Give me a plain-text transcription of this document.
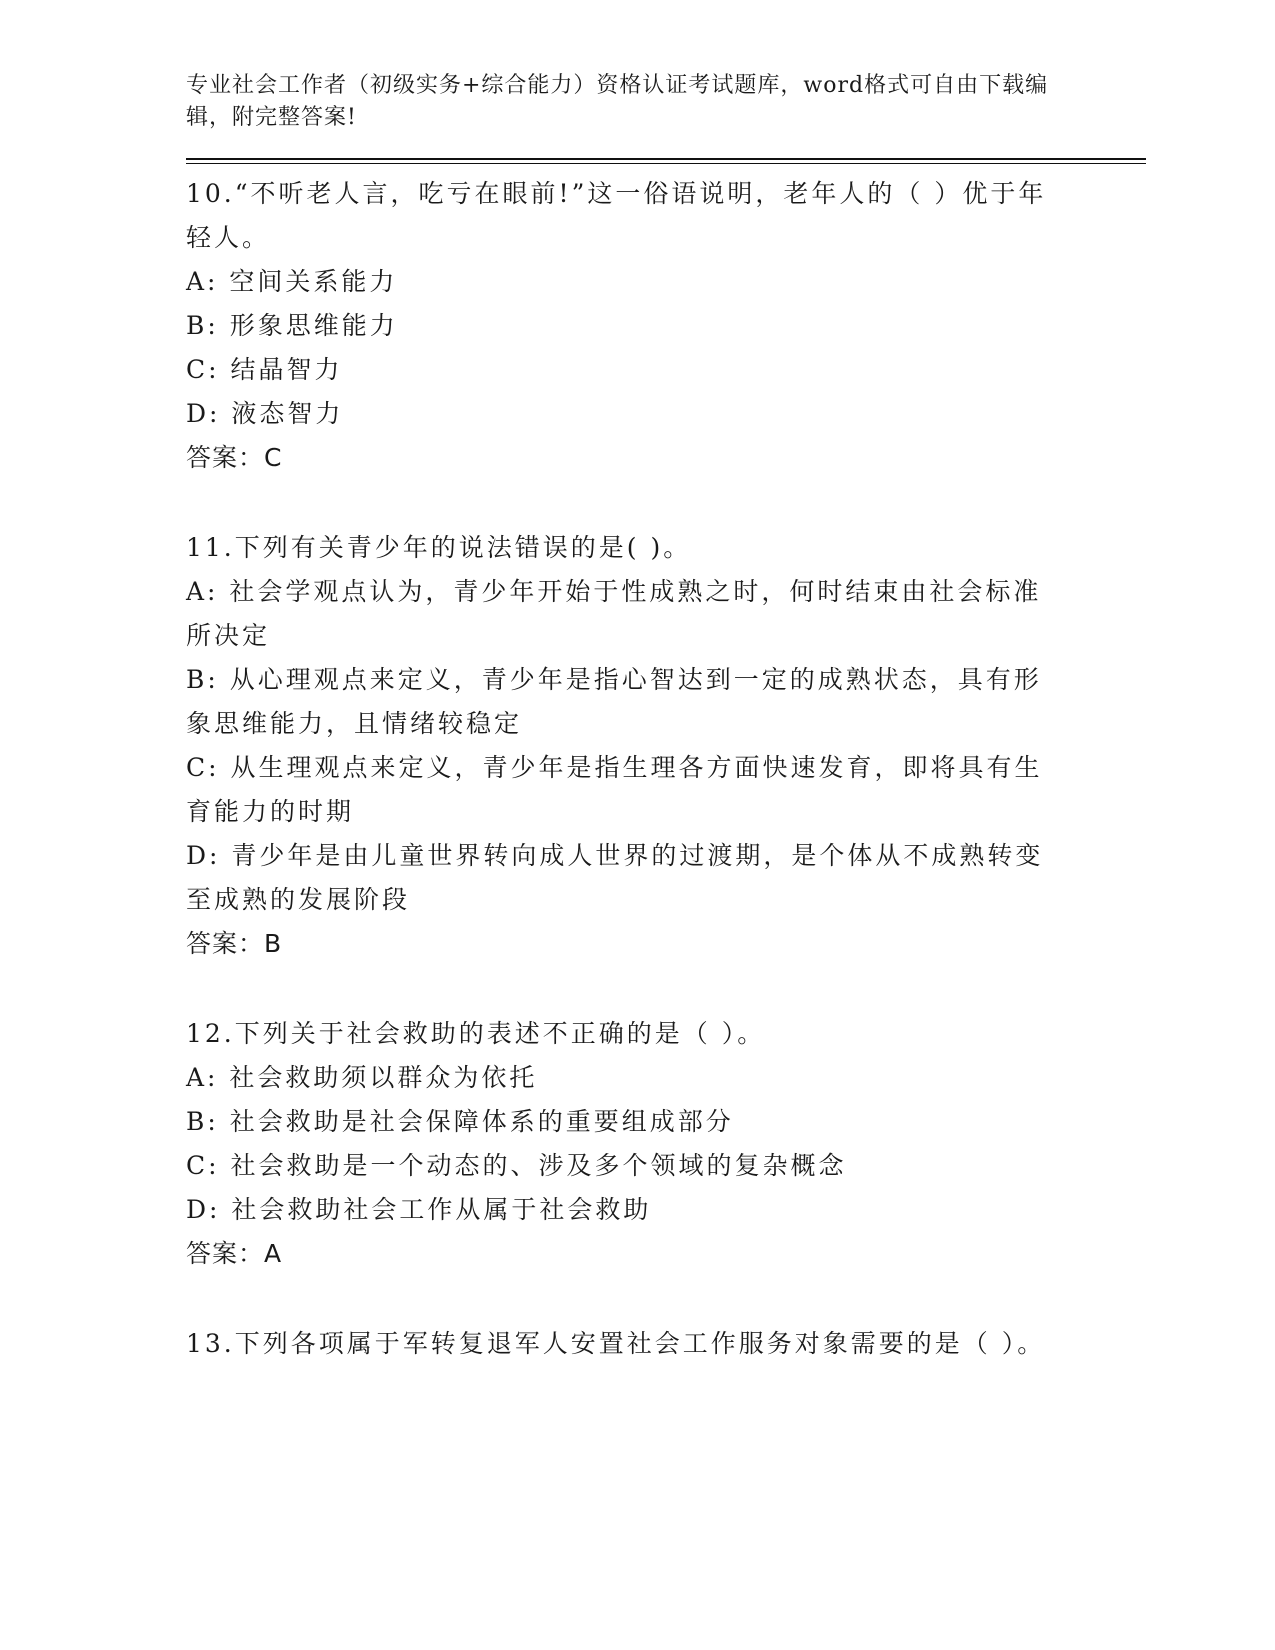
专业社会工作者（初级实务+综合能力）资格认证考试题库，word格式可自由下载编辑，附完整答案!
10.“不听老人言，吃亏在眼前!”这一俗语说明，老年人的（ ）优于年轻人。
A: 空间关系能力
B: 形象思维能力
C: 结晶智力
D: 液态智力
答案：C
11.下列有关青少年的说法错误的是( )。
A: 社会学观点认为，青少年开始于性成熟之时，何时结束由社会标准所决定
B: 从心理观点来定义，青少年是指心智达到一定的成熟状态，具有形象思维能力，且情绪较稳定
C: 从生理观点来定义，青少年是指生理各方面快速发育，即将具有生育能力的时期
D: 青少年是由儿童世界转向成人世界的过渡期，是个体从不成熟转变至成熟的发展阶段
答案：B
12.下列关于社会救助的表述不正确的是（ ）。
A: 社会救助须以群众为依托
B: 社会救助是社会保障体系的重要组成部分
C: 社会救助是一个动态的、涉及多个领域的复杂概念
D: 社会救助社会工作从属于社会救助
答案：A
13.下列各项属于军转复退军人安置社会工作服务对象需要的是（ ）。
